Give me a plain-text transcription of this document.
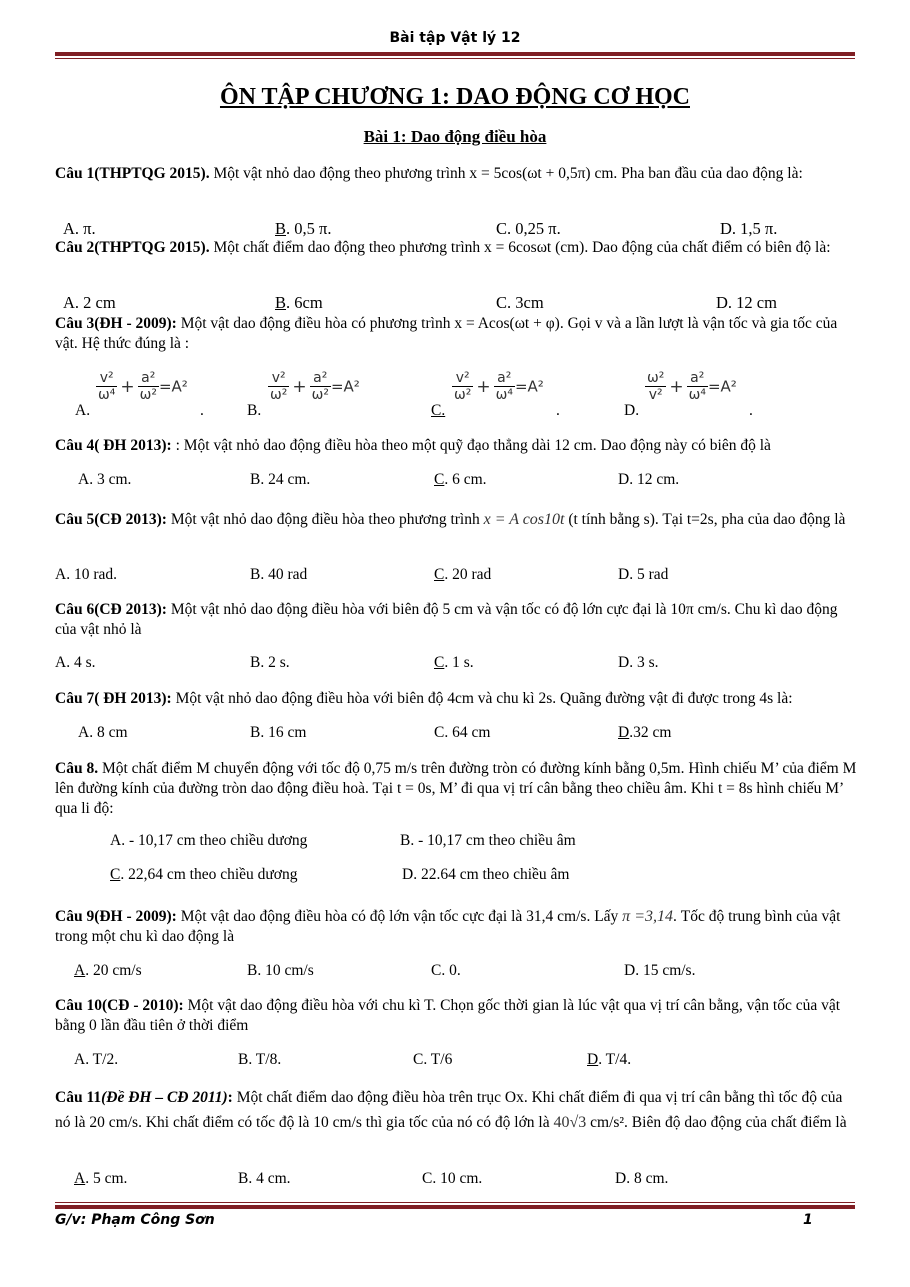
Bài tập Vật lý 12
ÔN TẬP CHƯƠNG 1: DAO ĐỘNG CƠ HỌC
Bài 1: Dao động điều hòa
Câu 1(THPTQG 2015). Một vật nhỏ dao động theo phương trình x = 5cos(ωt + 0,5π) cm. Pha ban đầu của dao động là:
A. π.	B. 0,5 π.	C. 0,25 π.	D. 1,5 π.
Câu 2(THPTQG 2015). Một chất điểm dao động theo phương trình x = 6cosωt (cm). Dao động của chất điểm có biên độ là:
A. 2 cm	B. 6cm	C. 3cm	D. 12 cm
Câu 3(ĐH - 2009): Một vật dao động điều hòa có phương trình x = Acos(ωt + φ). Gọi v và a lần lượt là vận tốc và gia tốc của vật. Hệ thức đúng là :
A.
$\frac{\text{v²}}{\text{ω⁴}} + \frac{\text{a²}}{\text{ω²}} =A^2$
.	B.
$\frac{\text{v²}}{\text{ω²}} + \frac{\text{a²}}{\text{ω²}} =A^2$
C.
$\frac{\text{v²}}{\text{ω²}} + \frac{\text{a²}}{\text{ω⁴}} =A^2$
.	D.
$\frac{\text{ω²}}{\text{v²}} + \frac{\text{a²}}{\text{ω⁴}} =A^2$
.
Câu 4( ĐH 2013): : Một vật nhỏ dao động điều hòa theo một quỹ đạo thẳng dài 12 cm. Dao động này có biên độ là
A. 3 cm.	B. 24 cm.	C. 6 cm.	D. 12 cm.
Câu 5(CĐ 2013): Một vật nhỏ dao động điều hòa theo phương trình x = A cos10t (t tính bằng s). Tại t=2s, pha của dao động là
A. 10 rad.	B. 40 rad	C. 20 rad	D. 5 rad
Câu 6(CĐ 2013): Một vật nhỏ dao động điều hòa với biên độ 5 cm và vận tốc có độ lớn cực đại là 10π cm/s. Chu kì dao động của vật nhỏ là
A. 4 s.	B. 2 s.	C. 1 s.	D. 3 s.
Câu 7( ĐH 2013): Một vật nhỏ dao động điều hòa với biên độ 4cm và chu kì 2s. Quãng đường vật đi được trong 4s là:
A. 8 cm	B. 16 cm	C. 64 cm	D.32 cm
Câu 8. Một chất điểm M chuyển động với tốc độ 0,75 m/s trên đường tròn có đường kính bằng 0,5m. Hình chiếu M’ của điểm M lên đường kính của đường tròn dao động điều hoà. Tại t = 0s, M’ đi qua vị trí cân bằng theo chiều âm. Khi t = 8s hình chiếu M’ qua li độ:
A. - 10,17 cm theo chiều dương	B. - 10,17 cm theo chiều âm
C. 22,64 cm theo chiều dương	D. 22.64 cm theo chiều âm
Câu 9(ĐH - 2009): Một vật dao động điều hòa có độ lớn vận tốc cực đại là 31,4 cm/s. Lấy π =3,14. Tốc độ trung bình của vật trong một chu kì dao động là
A. 20 cm/s	B. 10 cm/s	C. 0.	D. 15 cm/s.
Câu 10(CĐ - 2010): Một vật dao động điều hòa với chu kì T. Chọn gốc thời gian là lúc vật qua vị trí cân bằng, vận tốc của vật bằng 0 lần đầu tiên ở thời điểm
A. T/2.	B. T/8.	C. T/6	D. T/4.
Câu 11(Đề ĐH – CĐ 2011): Một chất điểm dao động điều hòa trên trục Ox. Khi chất điểm đi qua vị trí cân bằng thì tốc độ của nó là 20 cm/s. Khi chất điểm có tốc độ là 10 cm/s thì gia tốc của nó có độ lớn là 40√3 cm/s². Biên độ dao động của chất điểm là
A. 5 cm.	B. 4 cm.	C. 10 cm.	D. 8 cm.
G/v: Phạm Công Sơn	1
